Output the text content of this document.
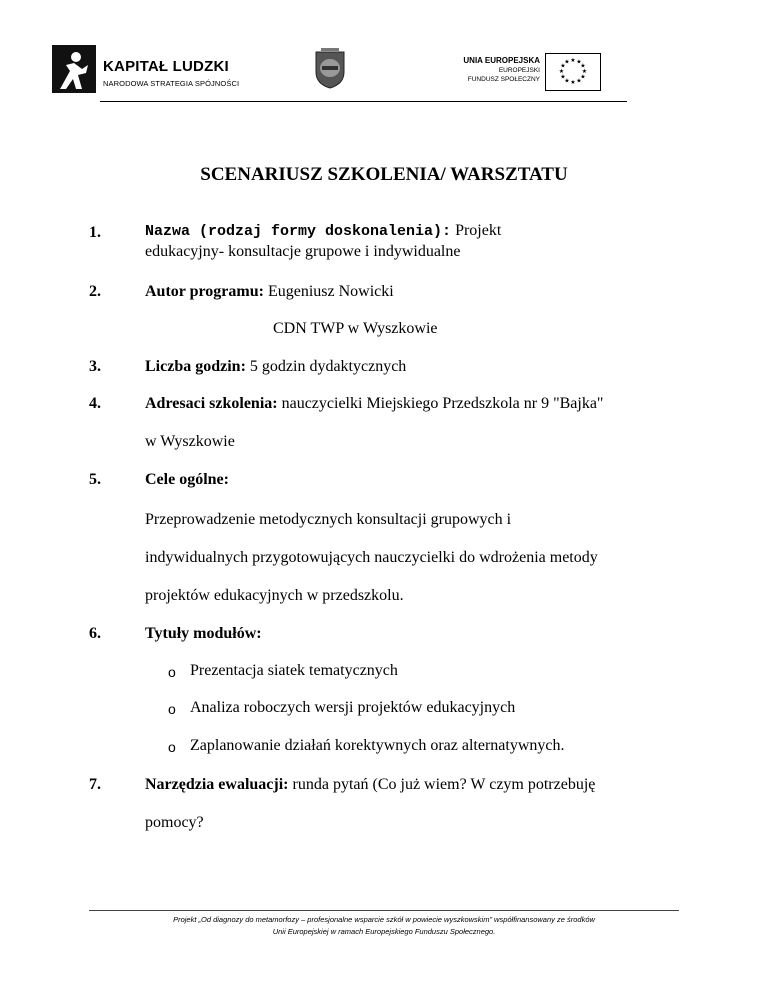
KAPITAŁ LUDZKI
NARODOWA STRATEGIA SPÓJNOŚCI
UNIA EUROPEJSKA
EUROPEJSKI
FUNDUSZ SPOŁECZNY
★ ★
★
★
★
★
★
★
★
★
★
★
SCENARIUSZ SZKOLENIA/ WARSZTATU
1.	Nazwa (rodzaj formy doskonalenia): Projekt
edukacyjny- konsultacje grupowe i indywidualne
2.	Autor programu: Eugeniusz Nowicki
CDN TWP w Wyszkowie
3.	Liczba godzin: 5 godzin dydaktycznych
4.	Adresaci szkolenia: nauczycielki Miejskiego Przedszkola nr 9 "Bajka"
w Wyszkowie
5.	Cele ogólne:
Przeprowadzenie metodycznych konsultacji grupowych i
indywidualnych przygotowujących nauczycielki do wdrożenia metody
projektów edukacyjnych w przedszkolu.
6.	Tytuły modułów:
o Prezentacja siatek tematycznych
o Analiza roboczych wersji projektów edukacyjnych
o Zaplanowanie działań korektywnych oraz alternatywnych.
7.	Narzędzia ewaluacji: runda pytań (Co już wiem? W czym potrzebuję
pomocy?
Projekt „Od diagnozy do metamorfozy – profesjonalne wsparcie szkół w powiecie wyszkowskim” współfinansowany ze środków
Unii Europejskiej w ramach Europejskiego Funduszu Społecznego.
